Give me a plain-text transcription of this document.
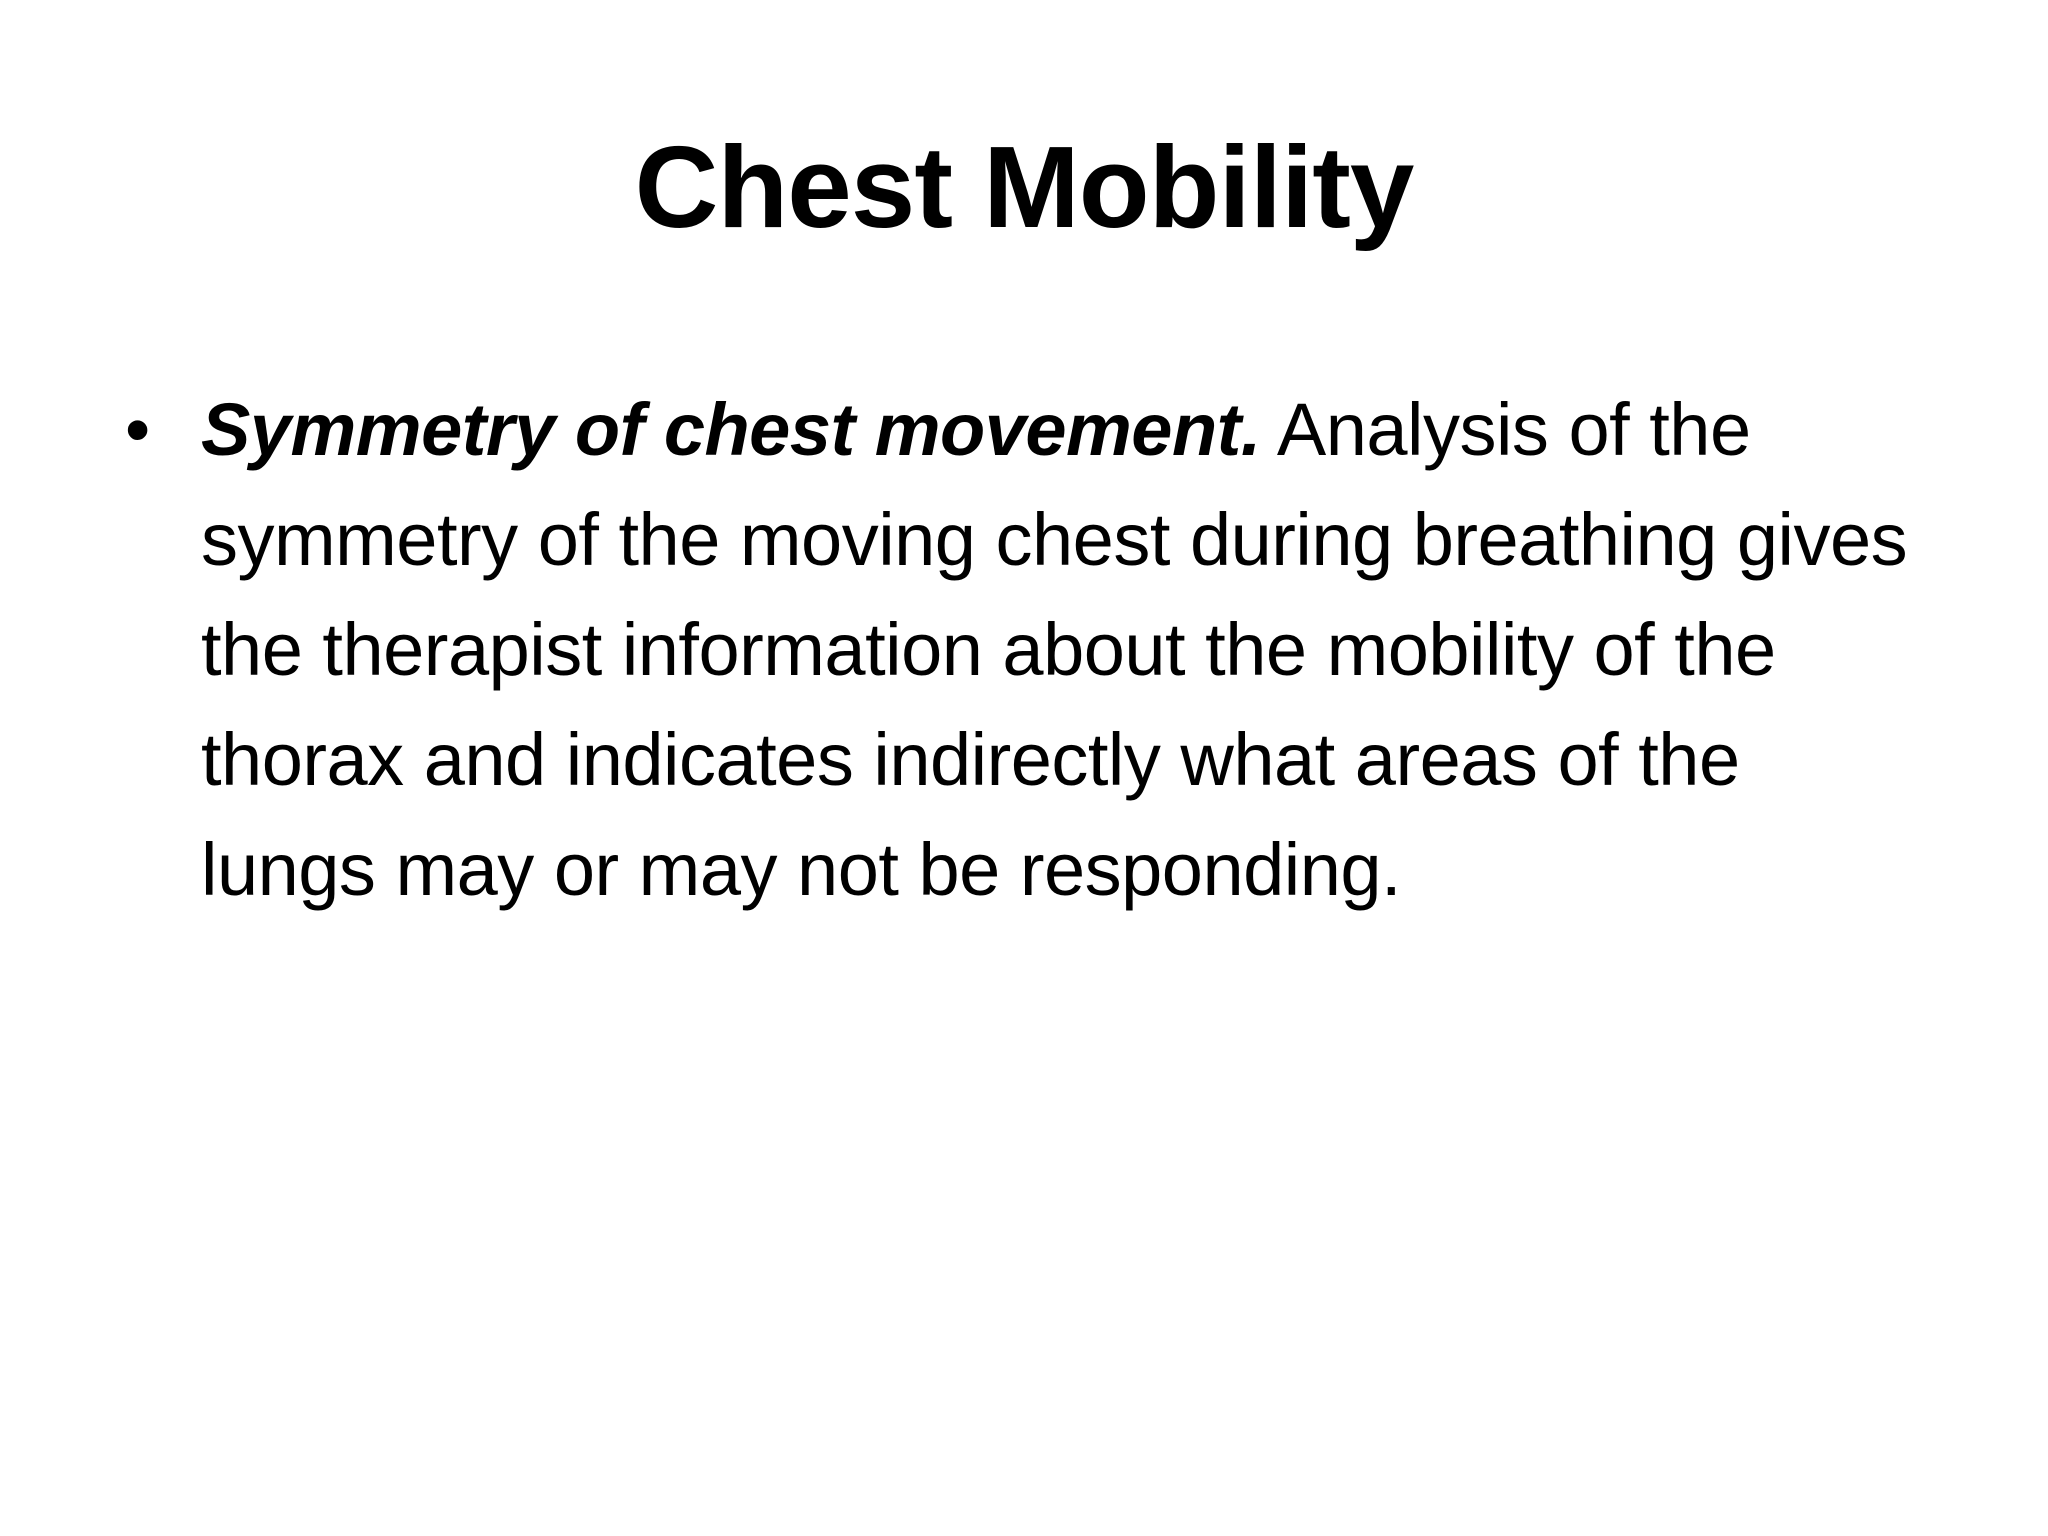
Chest Mobility
• Symmetry of chest movement. Analysis of the symmetry of the moving chest during breathing gives the therapist information about the mobility of the thorax and indicates indirectly what areas of the lungs may or may not be responding.
